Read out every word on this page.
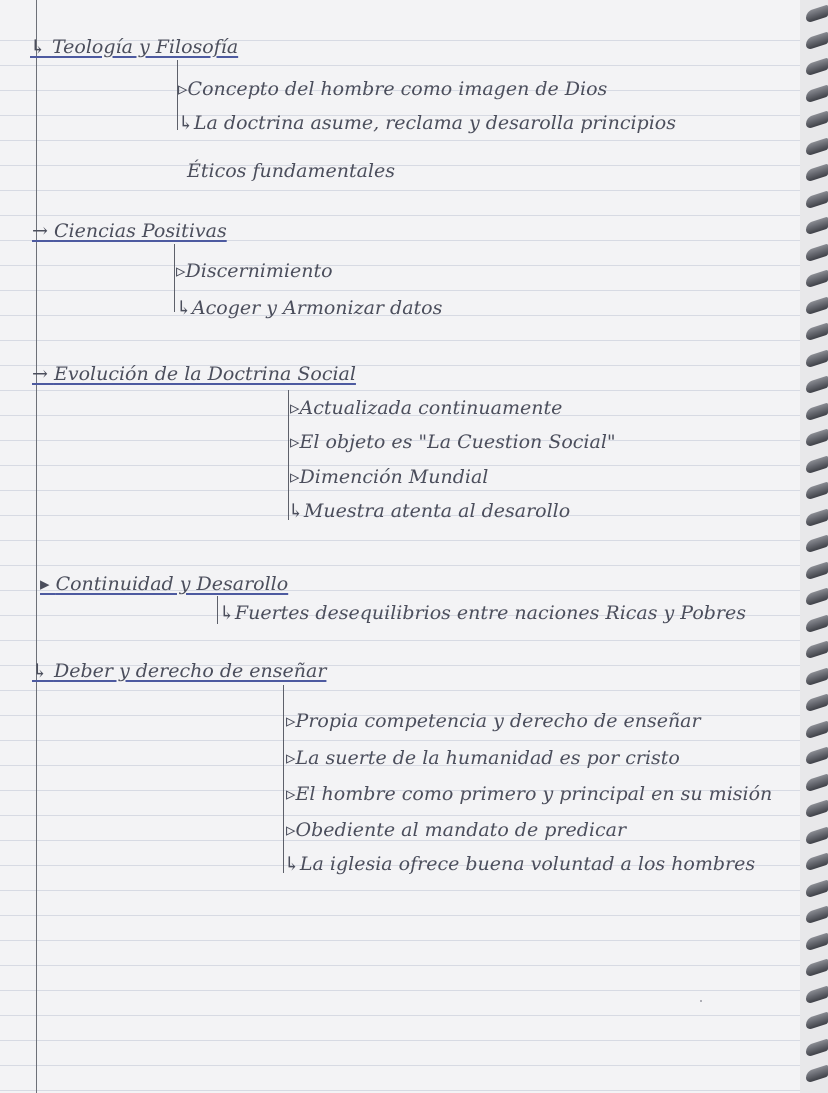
↳ Teología y Filosofía
▹Concepto del hombre como imagen de Dios
↳La doctrina asume, reclama y desarolla principios
Éticos fundamentales
→ Ciencias Positivas
▹Discernimiento
↳Acoger y Armonizar datos
→ Evolución de la Doctrina Social
▹Actualizada continuamente
▹El objeto es "La Cuestion Social"
▹Dimención Mundial
↳Muestra atenta al desarollo
▸ Continuidad y Desarollo
↳Fuertes desequilibrios entre naciones Ricas y Pobres
↳ Deber y derecho de enseñar
▹Propia competencia y derecho de enseñar
▹La suerte de la humanidad es por cristo
▹El hombre como primero y principal en su misión
▹Obediente al mandato de predicar
↳La iglesia ofrece buena voluntad a los hombres
